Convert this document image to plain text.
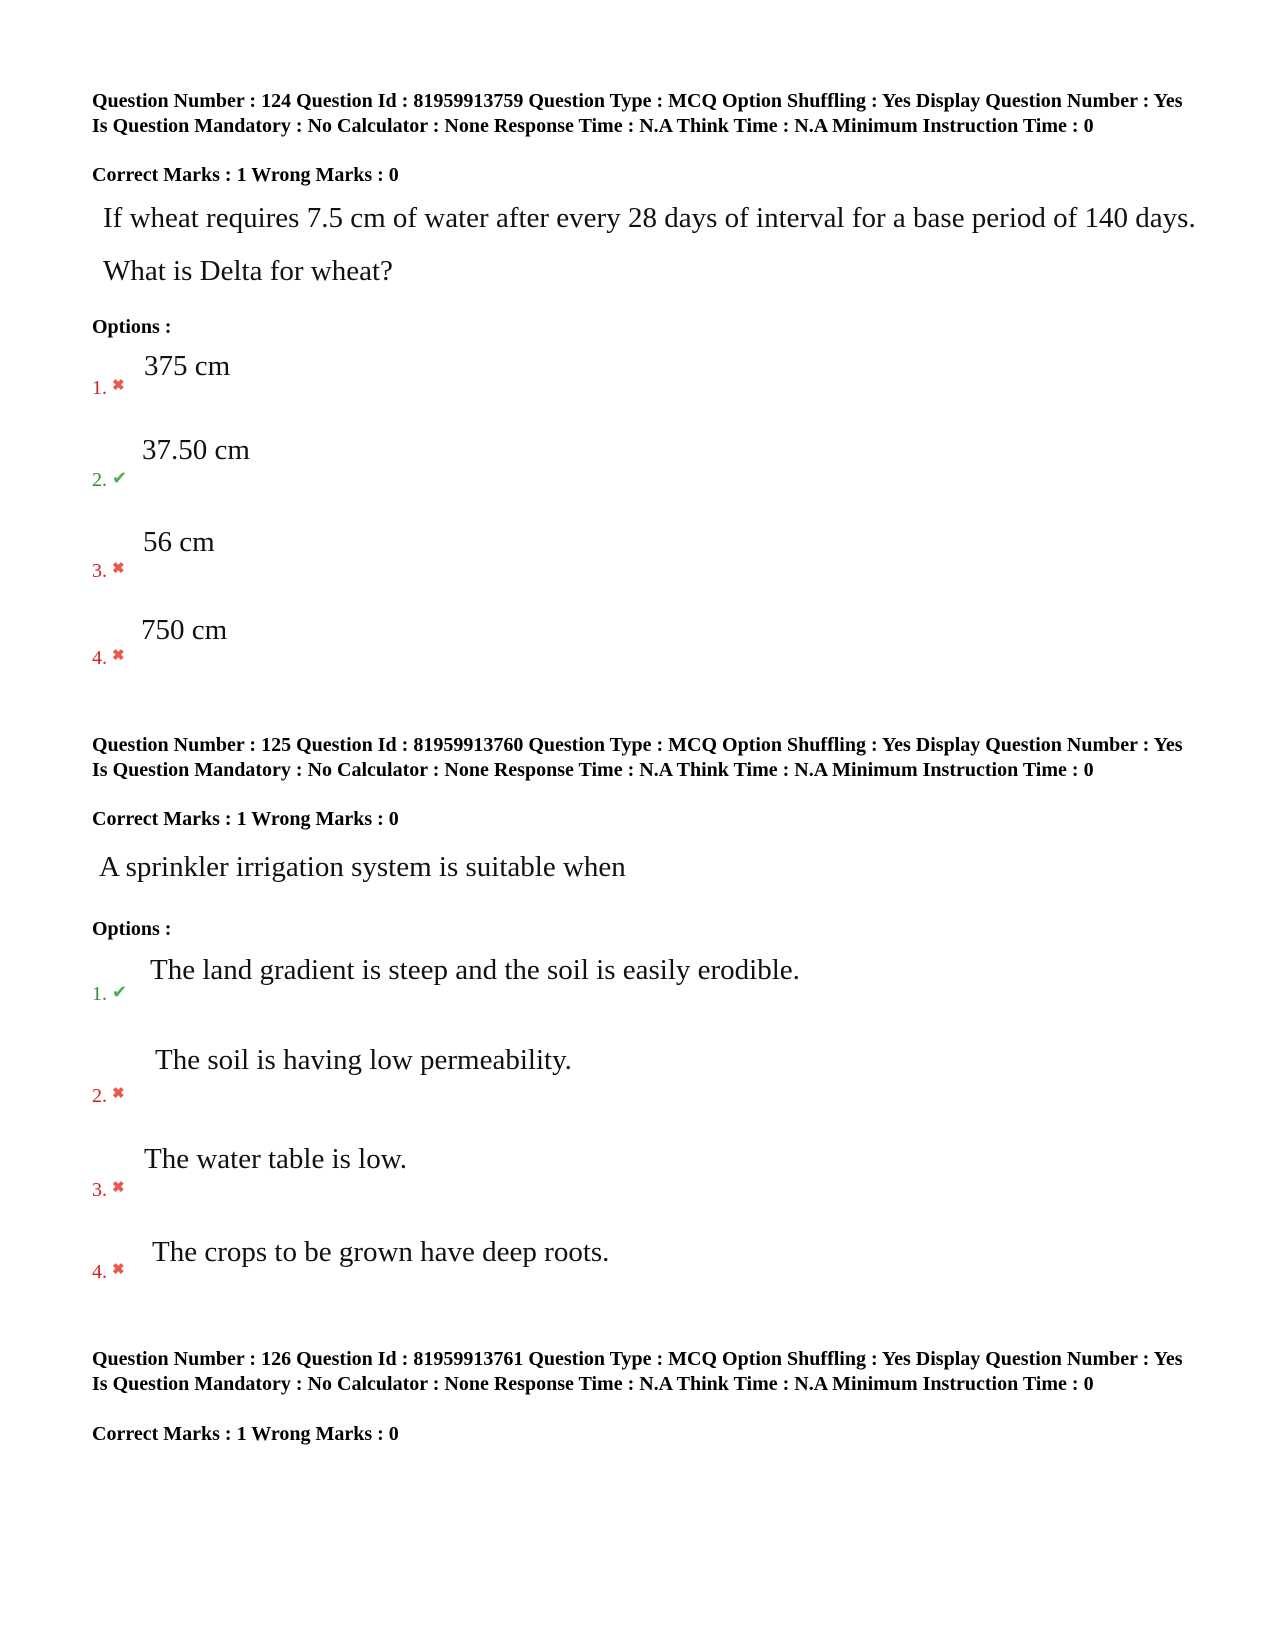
Question Number : 124 Question Id : 81959913759 Question Type : MCQ Option Shuffling : Yes Display Question Number : Yes Is Question Mandatory : No Calculator : None Response Time : N.A Think Time : N.A Minimum Instruction Time : 0
Correct Marks : 1 Wrong Marks : 0
If wheat requires 7.5 cm of water after every 28 days of interval for a base period of 140 days. What is Delta for wheat?
Options :
1. ✖
375 cm
2. ✔
37.50 cm
3. ✖
56 cm
4. ✖
750 cm
Question Number : 125 Question Id : 81959913760 Question Type : MCQ Option Shuffling : Yes Display Question Number : Yes Is Question Mandatory : No Calculator : None Response Time : N.A Think Time : N.A Minimum Instruction Time : 0
Correct Marks : 1 Wrong Marks : 0
A sprinkler irrigation system is suitable when
Options :
1. ✔
The land gradient is steep and the soil is easily erodible.
2. ✖
The soil is having low permeability.
3. ✖
The water table is low.
4. ✖
The crops to be grown have deep roots.
Question Number : 126 Question Id : 81959913761 Question Type : MCQ Option Shuffling : Yes Display Question Number : Yes Is Question Mandatory : No Calculator : None Response Time : N.A Think Time : N.A Minimum Instruction Time : 0
Correct Marks : 1 Wrong Marks : 0
